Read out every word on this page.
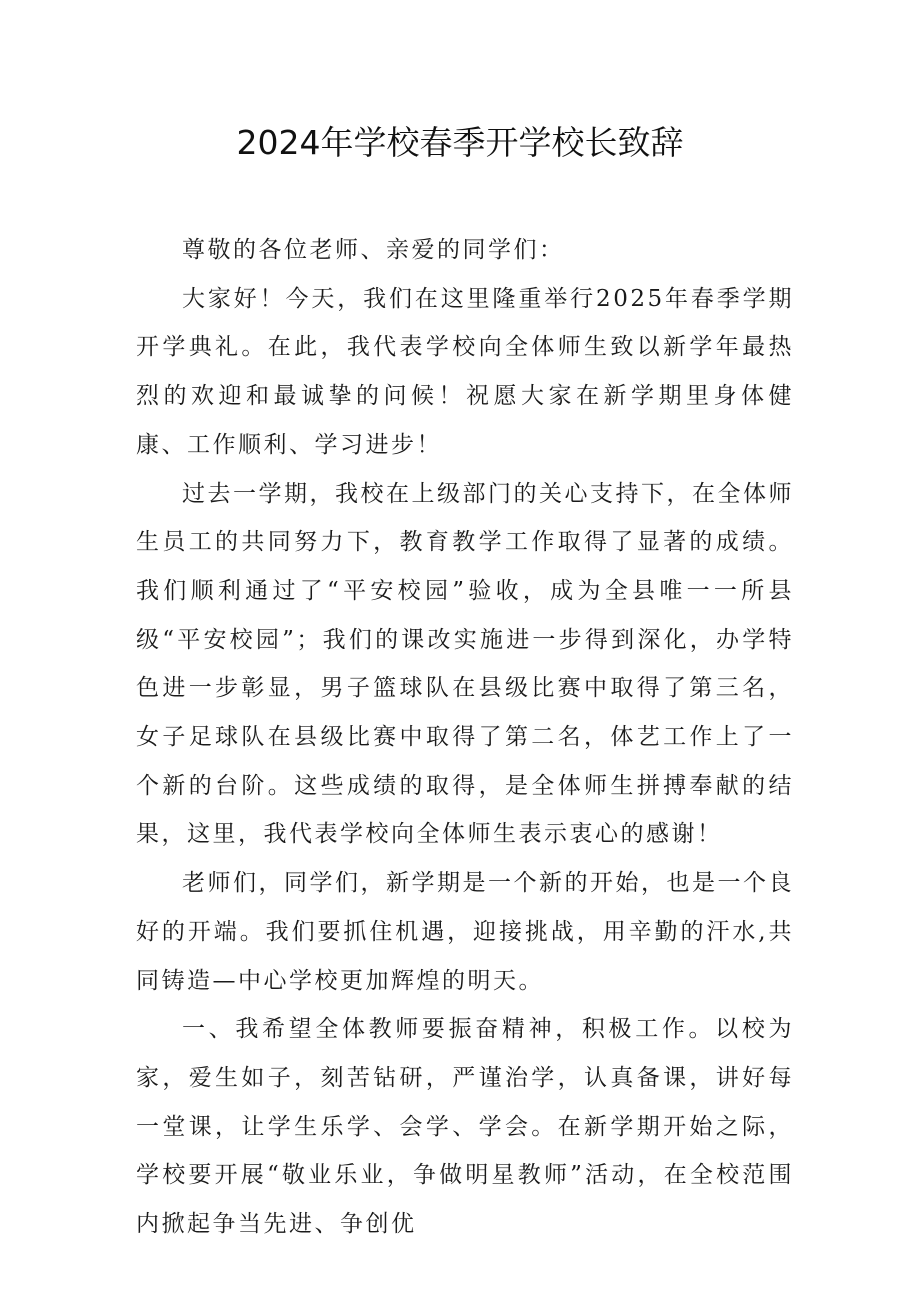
2024年学校春季开学校长致辞

尊敬的各位老师、亲爱的同学们：

大家好！今天，我们在这里隆重举行2025年春季学期开学典礼。在此，我代表学校向全体师生致以新学年最热烈的欢迎和最诚挚的问候！祝愿大家在新学期里身体健康、工作顺利、学习进步！

过去一学期，我校在上级部门的关心支持下，在全体师生员工的共同努力下，教育教学工作取得了显著的成绩。我们顺利通过了“平安校园”验收，成为全县唯一一所县级“平安校园”；我们的课改实施进一步得到深化，办学特色进一步彰显，男子篮球队在县级比赛中取得了第三名，女子足球队在县级比赛中取得了第二名，体艺工作上了一个新的台阶。这些成绩的取得，是全体师生拼搏奉献的结果，这里，我代表学校向全体师生表示衷心的感谢！

老师们，同学们，新学期是一个新的开始，也是一个良好的开端。我们要抓住机遇，迎接挑战，用辛勤的汗水,共同铸造—中心学校更加辉煌的明天。

一、我希望全体教师要振奋精神，积极工作。以校为家，爱生如子，刻苦钻研，严谨治学，认真备课，讲好每一堂课，让学生乐学、会学、学会。在新学期开始之际，学校要开展“敬业乐业，争做明星教师”活动，在全校范围内掀起争当先进、争创优
